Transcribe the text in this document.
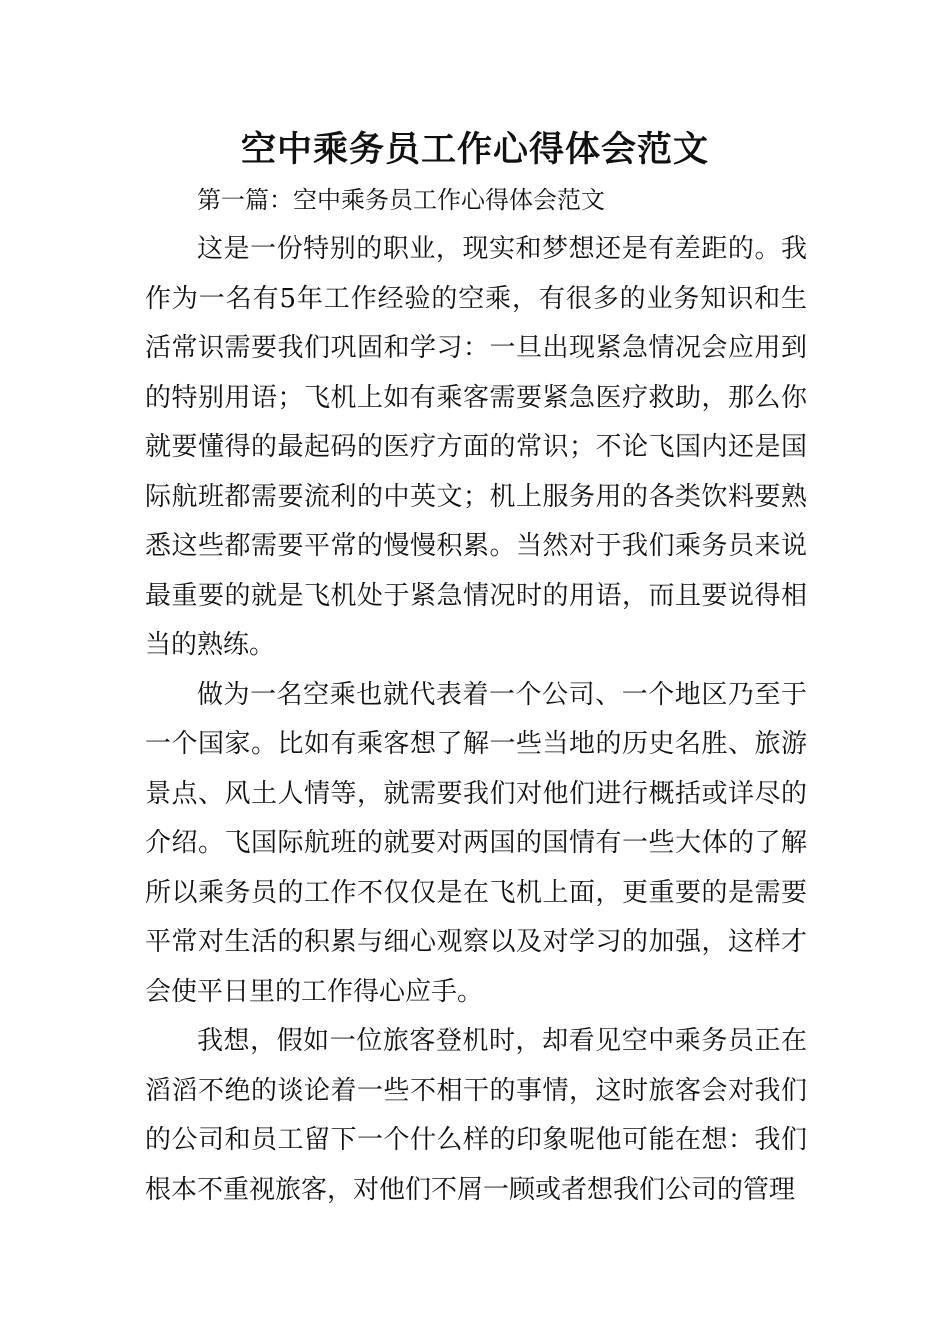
空中乘务员工作心得体会范文

第一篇：空中乘务员工作心得体会范文

这是一份特别的职业，现实和梦想还是有差距的。我作为一名有5年工作经验的空乘，有很多的业务知识和生活常识需要我们巩固和学习：一旦出现紧急情况会应用到的特别用语；飞机上如有乘客需要紧急医疗救助，那么你就要懂得的最起码的医疗方面的常识；不论飞国内还是国际航班都需要流利的中英文；机上服务用的各类饮料要熟悉这些都需要平常的慢慢积累。当然对于我们乘务员来说最重要的就是飞机处于紧急情况时的用语，而且要说得相当的熟练。

做为一名空乘也就代表着一个公司、一个地区乃至于一个国家。比如有乘客想了解一些当地的历史名胜、旅游景点、风土人情等，就需要我们对他们进行概括或详尽的介绍。飞国际航班的就要对两国的国情有一些大体的了解所以乘务员的工作不仅仅是在飞机上面，更重要的是需要平常对生活的积累与细心观察以及对学习的加强，这样才会使平日里的工作得心应手。

我想，假如一位旅客登机时，却看见空中乘务员正在滔滔不绝的谈论着一些不相干的事情，这时旅客会对我们的公司和员工留下一个什么样的印象呢他可能在想：我们根本不重视旅客，对他们不屑一顾或者想我们公司的管理
